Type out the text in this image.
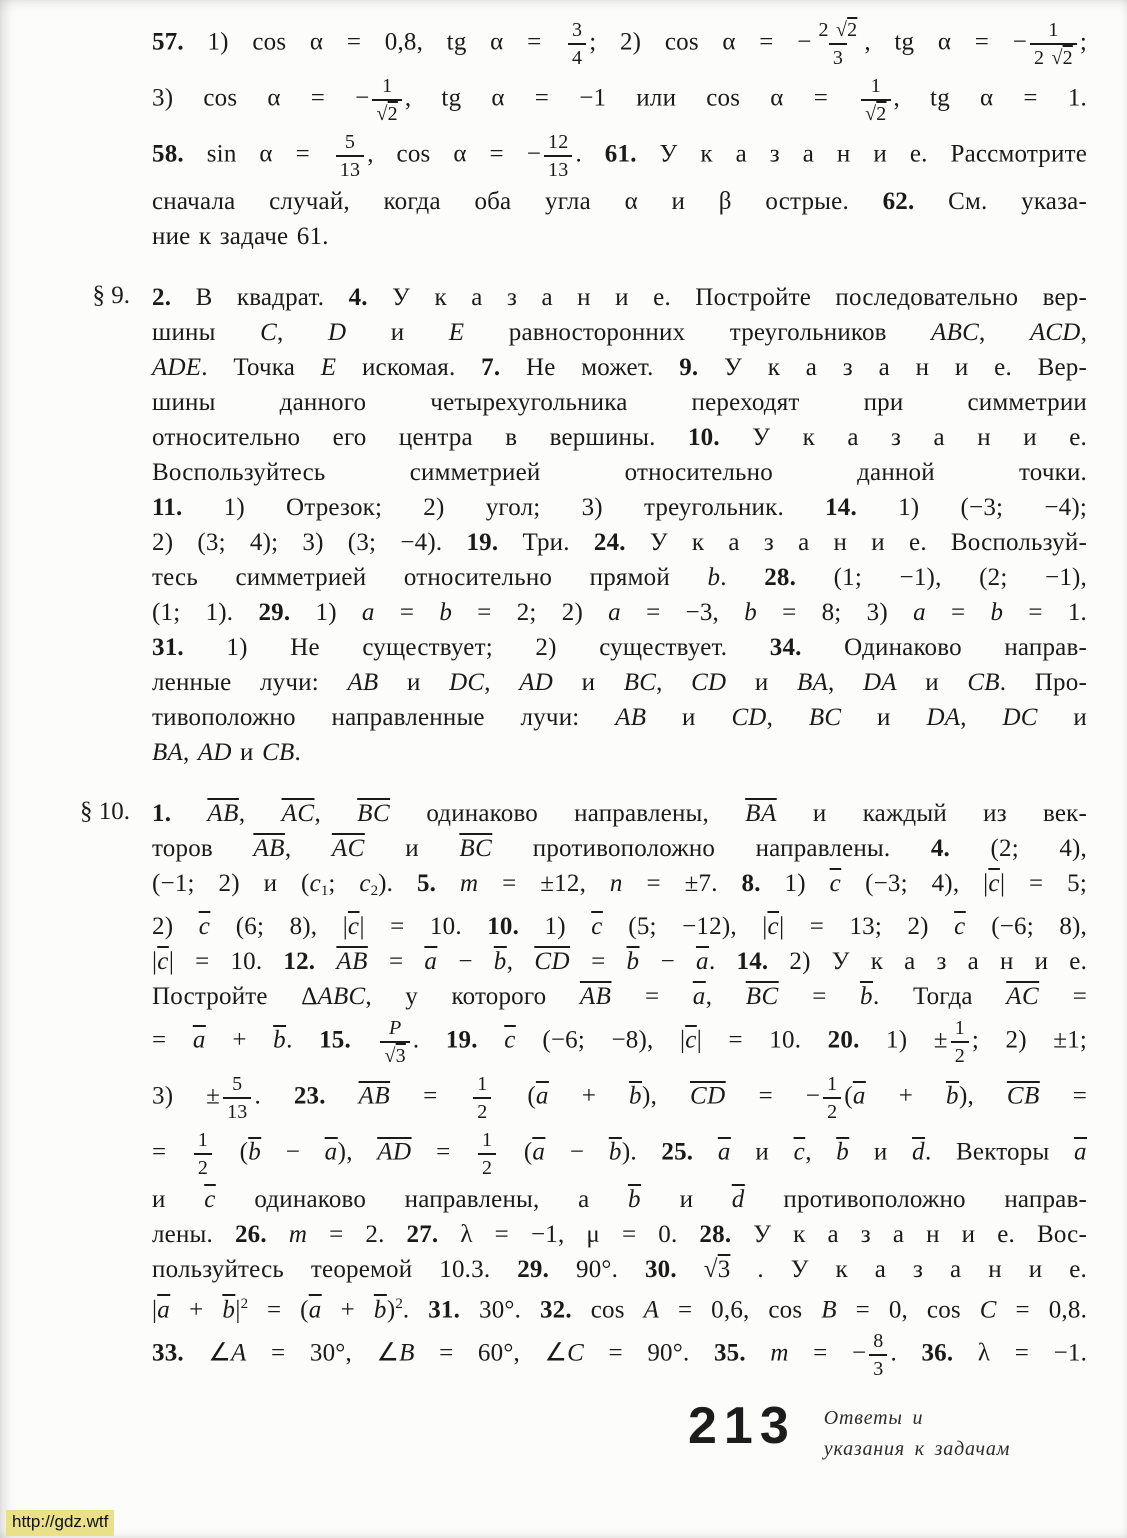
57. 1) cos α = 0,8, tg $\alpha = \frac{3}{4}$ ; 2) cos α = − $\frac{2 √2}{3}$ , tg α = − $\frac{1}{2 √2}$ ;
3) cos α = − $\frac{1}{√2}$ , tg α = −1 или $\cos \alpha = \frac{1}{√2}$ , tg α = 1.
58. $\sin \alpha = \frac{5}{13}$ , cos α = − $\frac{12}{13}$ . 61. У к а з а н и е. Рассмотрите
сначала случай, когда оба угла α и β острые. 62. См. указа-
ние к задаче 61.
§ 9. 2. В квадрат. 4. У к а з а н и е. Постройте последовательно вер-
шины C, D и E равносторонних треугольников ABC, ACD,
ADE. Точка E искомая. 7. Не может. 9. У к а з а н и е. Вер-
шины данного четырехугольника переходят при симметрии
относительно его центра в вершины. 10. У к а з а н и е.
Воспользуйтесь симметрией относительно данной точки.
11. 1) Отрезок; 2) угол; 3) треугольник. 14. 1) (−3; −4);
2) (3; 4); 3) (3; −4). 19. Три. 24. У к а з а н и е. Воспользуй-
тесь симметрией относительно прямой b. 28. (1; −1), (2; −1),
(1; 1). 29. 1) a = b = 2; 2) a = −3, b = 8; 3) a = b = 1.
31. 1) Не существует; 2) существует. 34. Одинаково направ-
ленные лучи: AB и DC, AD и BC, CD и BA, DA и CB. Про-
тивоположно направленные лучи: AB и CD, BC и DA, DC и
BA, AD и CB.
§ 10. 1. $\overline{AB}$, $\overline{AC}$, $\overline{BC}$ одинаково направлены, $\overline{BA}$ и каждый из век-
торов $\overline{AB}$, $\overline{AC}$ и $\overline{BC}$ противоположно направлены. 4. (2; 4),
(−1; 2) и ($c_1$; $c_2$). 5. m = ±12, n = ±7. 8. 1) $\overline{c}$ (−3; 4), $|\overline{c}| = 5$;
2) $\overline{c}$ (6; 8), $|\overline{c}| = 10$. 10. 1) $\overline{c}$ (5; −12), $|\overline{c}| = 13$; 2) $\overline{c}$ (−6; 8),
$|\overline{c}| = 10$. 12. $\overline{AB} = \overline{a} - \overline{b}$, $\overline{CD} = \overline{b} - \overline{a}$. 14. 2) У к а з а н и е.
Постройте ΔABC, у которого $\overline{AB} = \overline{a}$, $\overline{BC} = \overline{b}$. Тогда $\overline{AC}$ =
= $\overline{a} + \overline{b}$. 15. $\frac{P}{√3}$ . 19. $\overline{c}$ (−6; −8), $|\overline{c}| = 10$. 20. $1) \pm \frac{1}{2}$ ; 2) ±1;
$3) \pm \frac{5}{13}$ . 23. $\overline{AB} = \frac{1}{2} (\overline{a} + \overline{b})$, $\overline{CD}$ = − $\frac{1}{2} (\overline{a} + \overline{b})$, $\overline{CB}$ =
= $\frac{1}{2} (\overline{b} - \overline{a})$, $\overline{AD} = \frac{1}{2} (\overline{a} - \overline{b})$. 25. $\overline{a}$ и $\overline{c}$, $\overline{b}$ и $\overline{d}$. Векторы $\overline{a}$
и $\overline{c}$ одинаково направлены, а $\overline{b}$ и $\overline{d}$ противоположно направ-
лены. 26. m = 2. 27. λ = −1, μ = 0. 28. У к а з а н и е. Вос-
пользуйтесь теоремой 10.3. 29. 90°. 30. √3 . У к а з а н и е.
$|\overline{a} + \overline{b}|^2 = (\overline{a} + \overline{b})^2$. 31. 30°. 32. cos A = 0,6, cos B = 0, cos C = 0,8.
33. ∠A = 30°, ∠B = 60°, ∠C = 90°. 35. m = − $\frac{8}{3}$ . 36. λ = −1.
213 Ответы и
указания к задачам
http://gdz.wtf
